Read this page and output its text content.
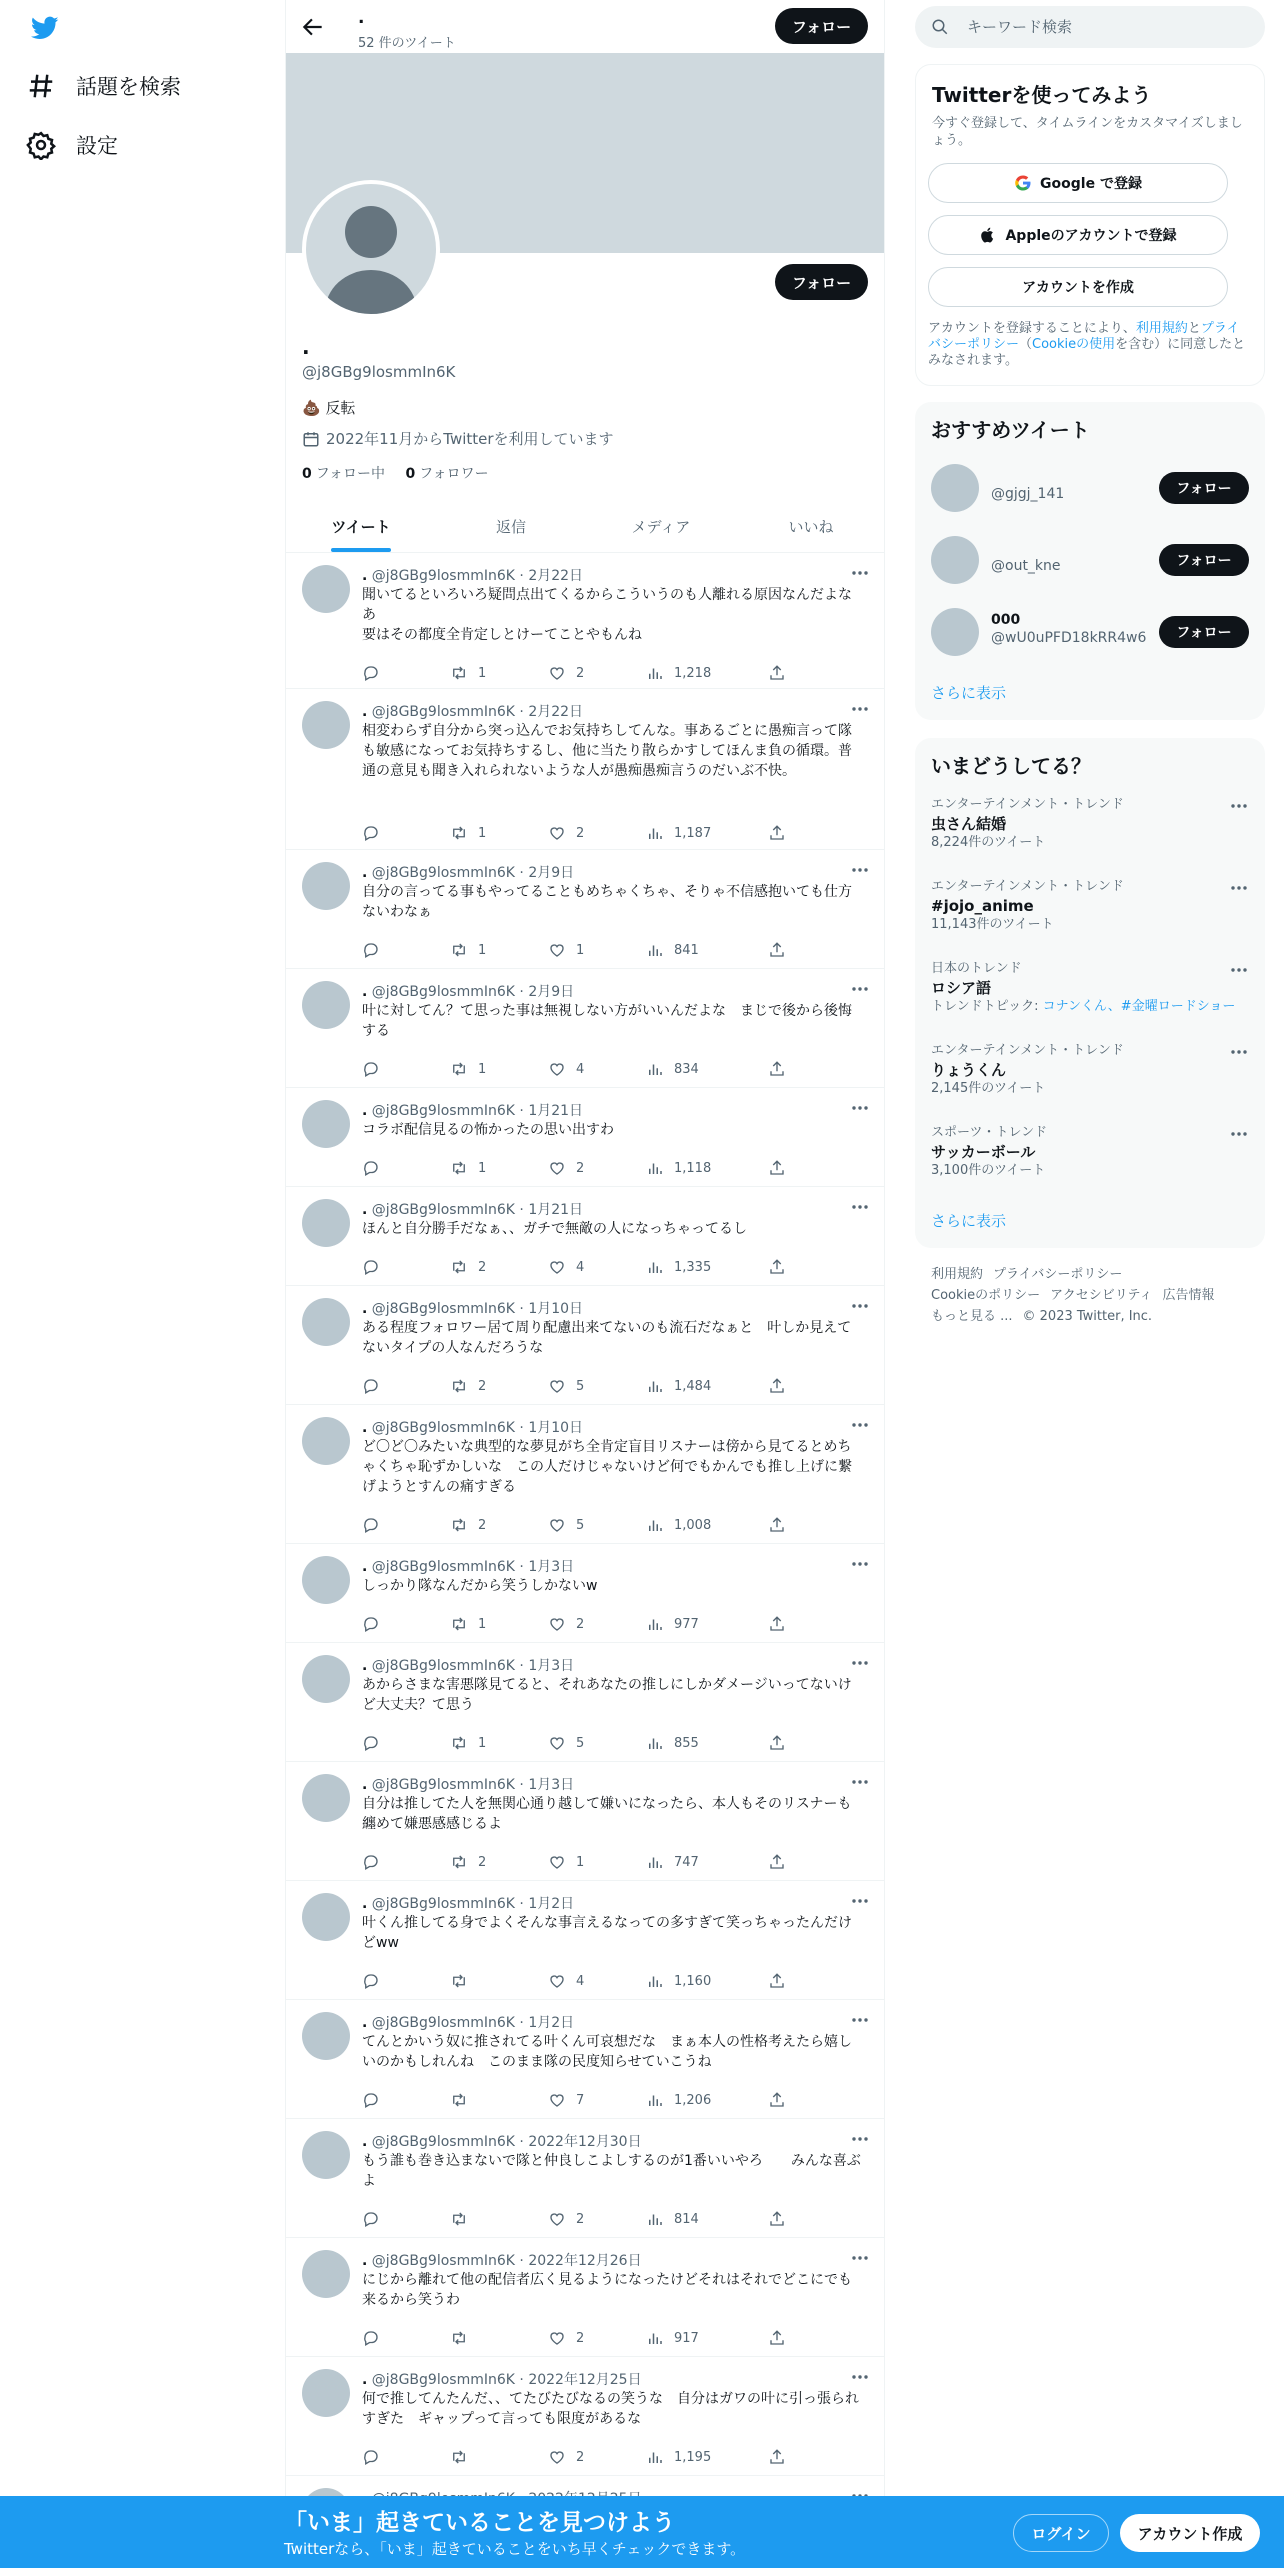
話題を検索
設定
.
52 件のツイート
フォロー
フォロー
.
@j8GBg9losmmIn6K
💩 反転
2022年11月からTwitterを利用しています
0 フォロー中 0 フォロワー
ツイート	返信	メディア	いいね
. @j8GBg9losmmIn6K · 2月22日
聞いてるといろいろ疑問点出てくるからこういうのも人離れる原因なんだよなあ
要はその都度全肯定しとけーてことやもんね
1	2	1,218
. @j8GBg9losmmIn6K · 2月22日
相変わらず自分から突っ込んでお気持ちしてんな。事あるごとに愚痴言って隊も敏感になってお気持ちするし、他に当たり散らかすしてほんま負の循環。普通の意見も聞き入れられないような人が愚痴愚痴言うのだいぶ不快。
1	2	1,187
. @j8GBg9losmmIn6K · 2月9日
自分の言ってる事もやってることもめちゃくちゃ、そりゃ不信感抱いても仕方ないわなぁ
1	1	841
. @j8GBg9losmmIn6K · 2月9日
叶に対してん？て思った事は無視しない方がいいんだよな　まじで後から後悔する
1	4	834
. @j8GBg9losmmIn6K · 1月21日
コラボ配信見るの怖かったの思い出すわ
1	2	1,118
. @j8GBg9losmmIn6K · 1月21日
ほんと自分勝手だなぁ、、ガチで無敵の人になっちゃってるし
2	4	1,335
. @j8GBg9losmmIn6K · 1月10日
ある程度フォロワー居て周り配慮出来てないのも流石だなぁと　叶しか見えてないタイプの人なんだろうな
2	5	1,484
. @j8GBg9losmmIn6K · 1月10日
ど〇ど〇みたいな典型的な夢見がち全肯定盲目リスナーは傍から見てるとめちゃくちゃ恥ずかしいな　この人だけじゃないけど何でもかんでも推し上げに繋げようとすんの痛すぎる
2	5	1,008
. @j8GBg9losmmIn6K · 1月3日
しっかり隊なんだから笑うしかないw
1	2	977
. @j8GBg9losmmIn6K · 1月3日
あからさまな害悪隊見てると、それあなたの推しにしかダメージいってないけど大丈夫？て思う
1	5	855
. @j8GBg9losmmIn6K · 1月3日
自分は推してた人を無関心通り越して嫌いになったら、本人もそのリスナーも纏めて嫌悪感感じるよ
2	1	747
. @j8GBg9losmmIn6K · 1月2日
叶くん推してる身でよくそんな事言えるなっての多すぎて笑っちゃったんだけどww
4	1,160
. @j8GBg9losmmIn6K · 1月2日
てんとかいう奴に推されてる叶くん可哀想だな　まぁ本人の性格考えたら嬉しいのかもしれんね　このまま隊の民度知らせていこうね
7	1,206
. @j8GBg9losmmIn6K · 2022年12月30日
もう誰も巻き込まないで隊と仲良しこよしするのが1番いいやろ　　みんな喜ぶよ
2	814
. @j8GBg9losmmIn6K · 2022年12月26日
にじから離れて他の配信者広く見るようになったけどそれはそれでどこにでも来るから笑うわ
2	917
. @j8GBg9losmmIn6K · 2022年12月25日
何で推してんたんだ、、てたびたびなるの笑うな　自分はガワの叶に引っ張られすぎた　ギャップって言っても限度があるな
2	1,195
キーワード検索
Twitterを使ってみよう
今すぐ登録して、タイムラインをカスタマイズしましょう。
Google で登録
Appleのアカウントで登録
アカウントを作成
アカウントを登録することにより、利用規約とプライバシーポリシー（Cookieの使用を含む）に同意したとみなされます。
おすすめツイート
@gjgj_141	フォロー
@out_kne	フォロー
000
@wU0uPFD18kRR4w6	フォロー
さらに表示
いまどうしてる？
エンターテインメント・トレンド
虫さん結婚
8,224件のツイート
エンターテインメント・トレンド
#jojo_anime
11,143件のツイート
日本のトレンド
ロシア語
トレンドトピック: コナンくん、#金曜ロードショー
エンターテインメント・トレンド
りょうくん
2,145件のツイート
スポーツ・トレンド
サッカーボール
3,100件のツイート
さらに表示
利用規約 プライバシーポリシー
Cookieのポリシー アクセシビリティ 広告情報
もっと見る ... © 2023 Twitter, Inc.
「いま」起きていることを見つけよう
Twitterなら、「いま」起きていることをいち早くチェックできます。
ログイン	アカウント作成
